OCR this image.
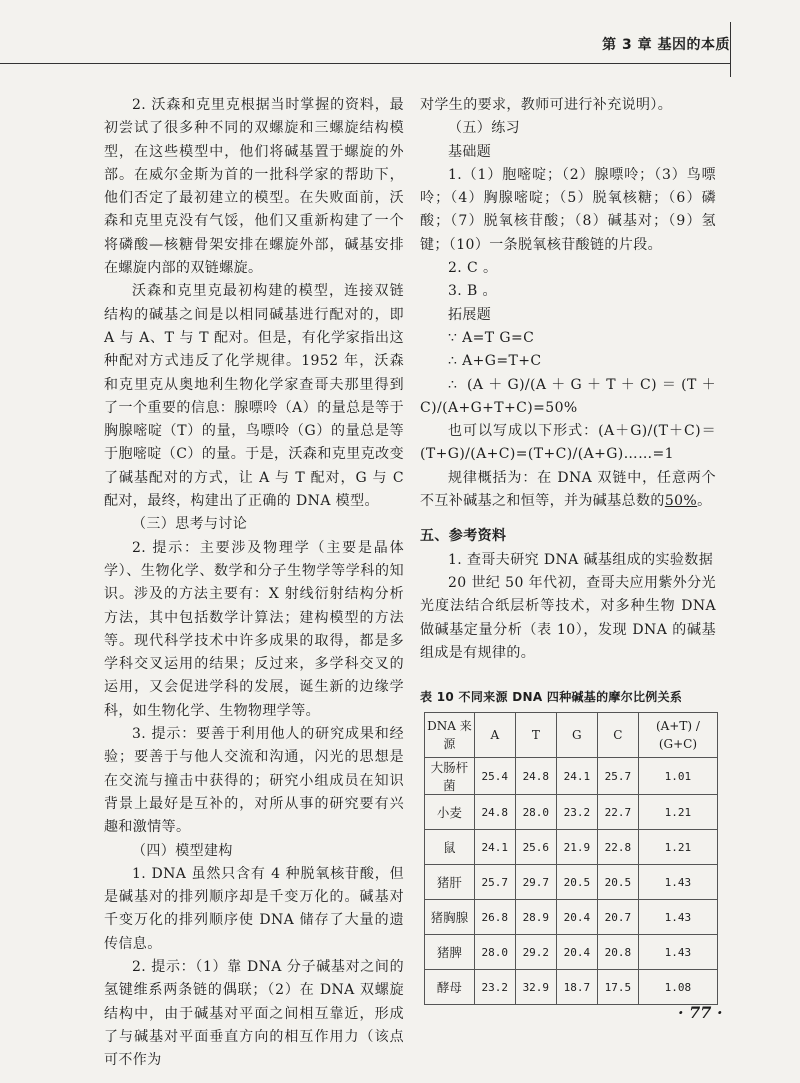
第 3 章 基因的本质

2. 沃森和克里克根据当时掌握的资料，最初尝试了很多种不同的双螺旋和三螺旋结构模型，在这些模型中，他们将碱基置于螺旋的外部。在威尔金斯为首的一批科学家的帮助下，他们否定了最初建立的模型。在失败面前，沃森和克里克没有气馁，他们又重新构建了一个将磷酸—核糖骨架安排在螺旋外部，碱基安排在螺旋内部的双链螺旋。

沃森和克里克最初构建的模型，连接双链结构的碱基之间是以相同碱基进行配对的，即 A 与 A、T 与 T 配对。但是，有化学家指出这种配对方式违反了化学规律。1952 年，沃森和克里克从奥地利生物化学家查哥夫那里得到了一个重要的信息：腺嘌呤（A）的量总是等于胸腺嘧啶（T）的量，鸟嘌呤（G）的量总是等于胞嘧啶（C）的量。于是，沃森和克里克改变了碱基配对的方式，让 A 与 T 配对，G 与 C 配对，最终，构建出了正确的 DNA 模型。

（三）思考与讨论

2. 提示：主要涉及物理学（主要是晶体学）、生物化学、数学和分子生物学等学科的知识。涉及的方法主要有：X 射线衍射结构分析方法，其中包括数学计算法；建构模型的方法等。现代科学技术中许多成果的取得，都是多学科交叉运用的结果；反过来，多学科交叉的运用，又会促进学科的发展，诞生新的边缘学科，如生物化学、生物物理学等。

3. 提示：要善于利用他人的研究成果和经验；要善于与他人交流和沟通，闪光的思想是在交流与撞击中获得的；研究小组成员在知识背景上最好是互补的，对所从事的研究要有兴趣和激情等。

（四）模型建构

1. DNA 虽然只含有 4 种脱氧核苷酸，但是碱基对的排列顺序却是千变万化的。碱基对千变万化的排列顺序使 DNA 储存了大量的遗传信息。

2. 提示：（1）靠 DNA 分子碱基对之间的氢键维系两条链的偶联；（2）在 DNA 双螺旋结构中，由于碱基对平面之间相互靠近，形成了与碱基对平面垂直方向的相互作用力（该点可不作为

对学生的要求，教师可进行补充说明）。

（五）练习

基础题

1.（1）胞嘧啶；（2）腺嘌呤；（3）鸟嘌呤；（4）胸腺嘧啶；（5）脱氧核糖；（6）磷酸；（7）脱氧核苷酸；（8）碱基对；（9）氢键；（10）一条脱氧核苷酸链的片段。

2. C 。

3. B 。

拓展题

∵ A=T G=C

∴ A+G=T+C

∴ (A＋G)/(A＋G＋T＋C)＝(T＋C)/(A+G+T+C)=50%

也可以写成以下形式：(A＋G)/(T＋C)＝(T+G)/(A+C)=(T+C)/(A+G)……=1

规律概括为：在 DNA 双链中，任意两个不互补碱基之和恒等，并为碱基总数的50%。

五、参考资料

1. 查哥夫研究 DNA 碱基组成的实验数据

20 世纪 50 年代初，查哥夫应用紫外分光光度法结合纸层析等技术，对多种生物 DNA 做碱基定量分析（表 10），发现 DNA 的碱基组成是有规律的。

表 10 不同来源 DNA 四种碱基的摩尔比例关系
DNA 来源	A	T	G	C	(A+T) / (G+C)
大肠杆菌	25.4	24.8	24.1	25.7	1.01
小麦	24.8	28.0	23.2	22.7	1.21
鼠	24.1	25.6	21.9	22.8	1.21
猪肝	25.7	29.7	20.5	20.5	1.43
猪胸腺	26.8	28.9	20.4	20.7	1.43
猪脾	28.0	29.2	20.4	20.8	1.43
酵母	23.2	32.9	18.7	17.5	1.08
· 77 ·
